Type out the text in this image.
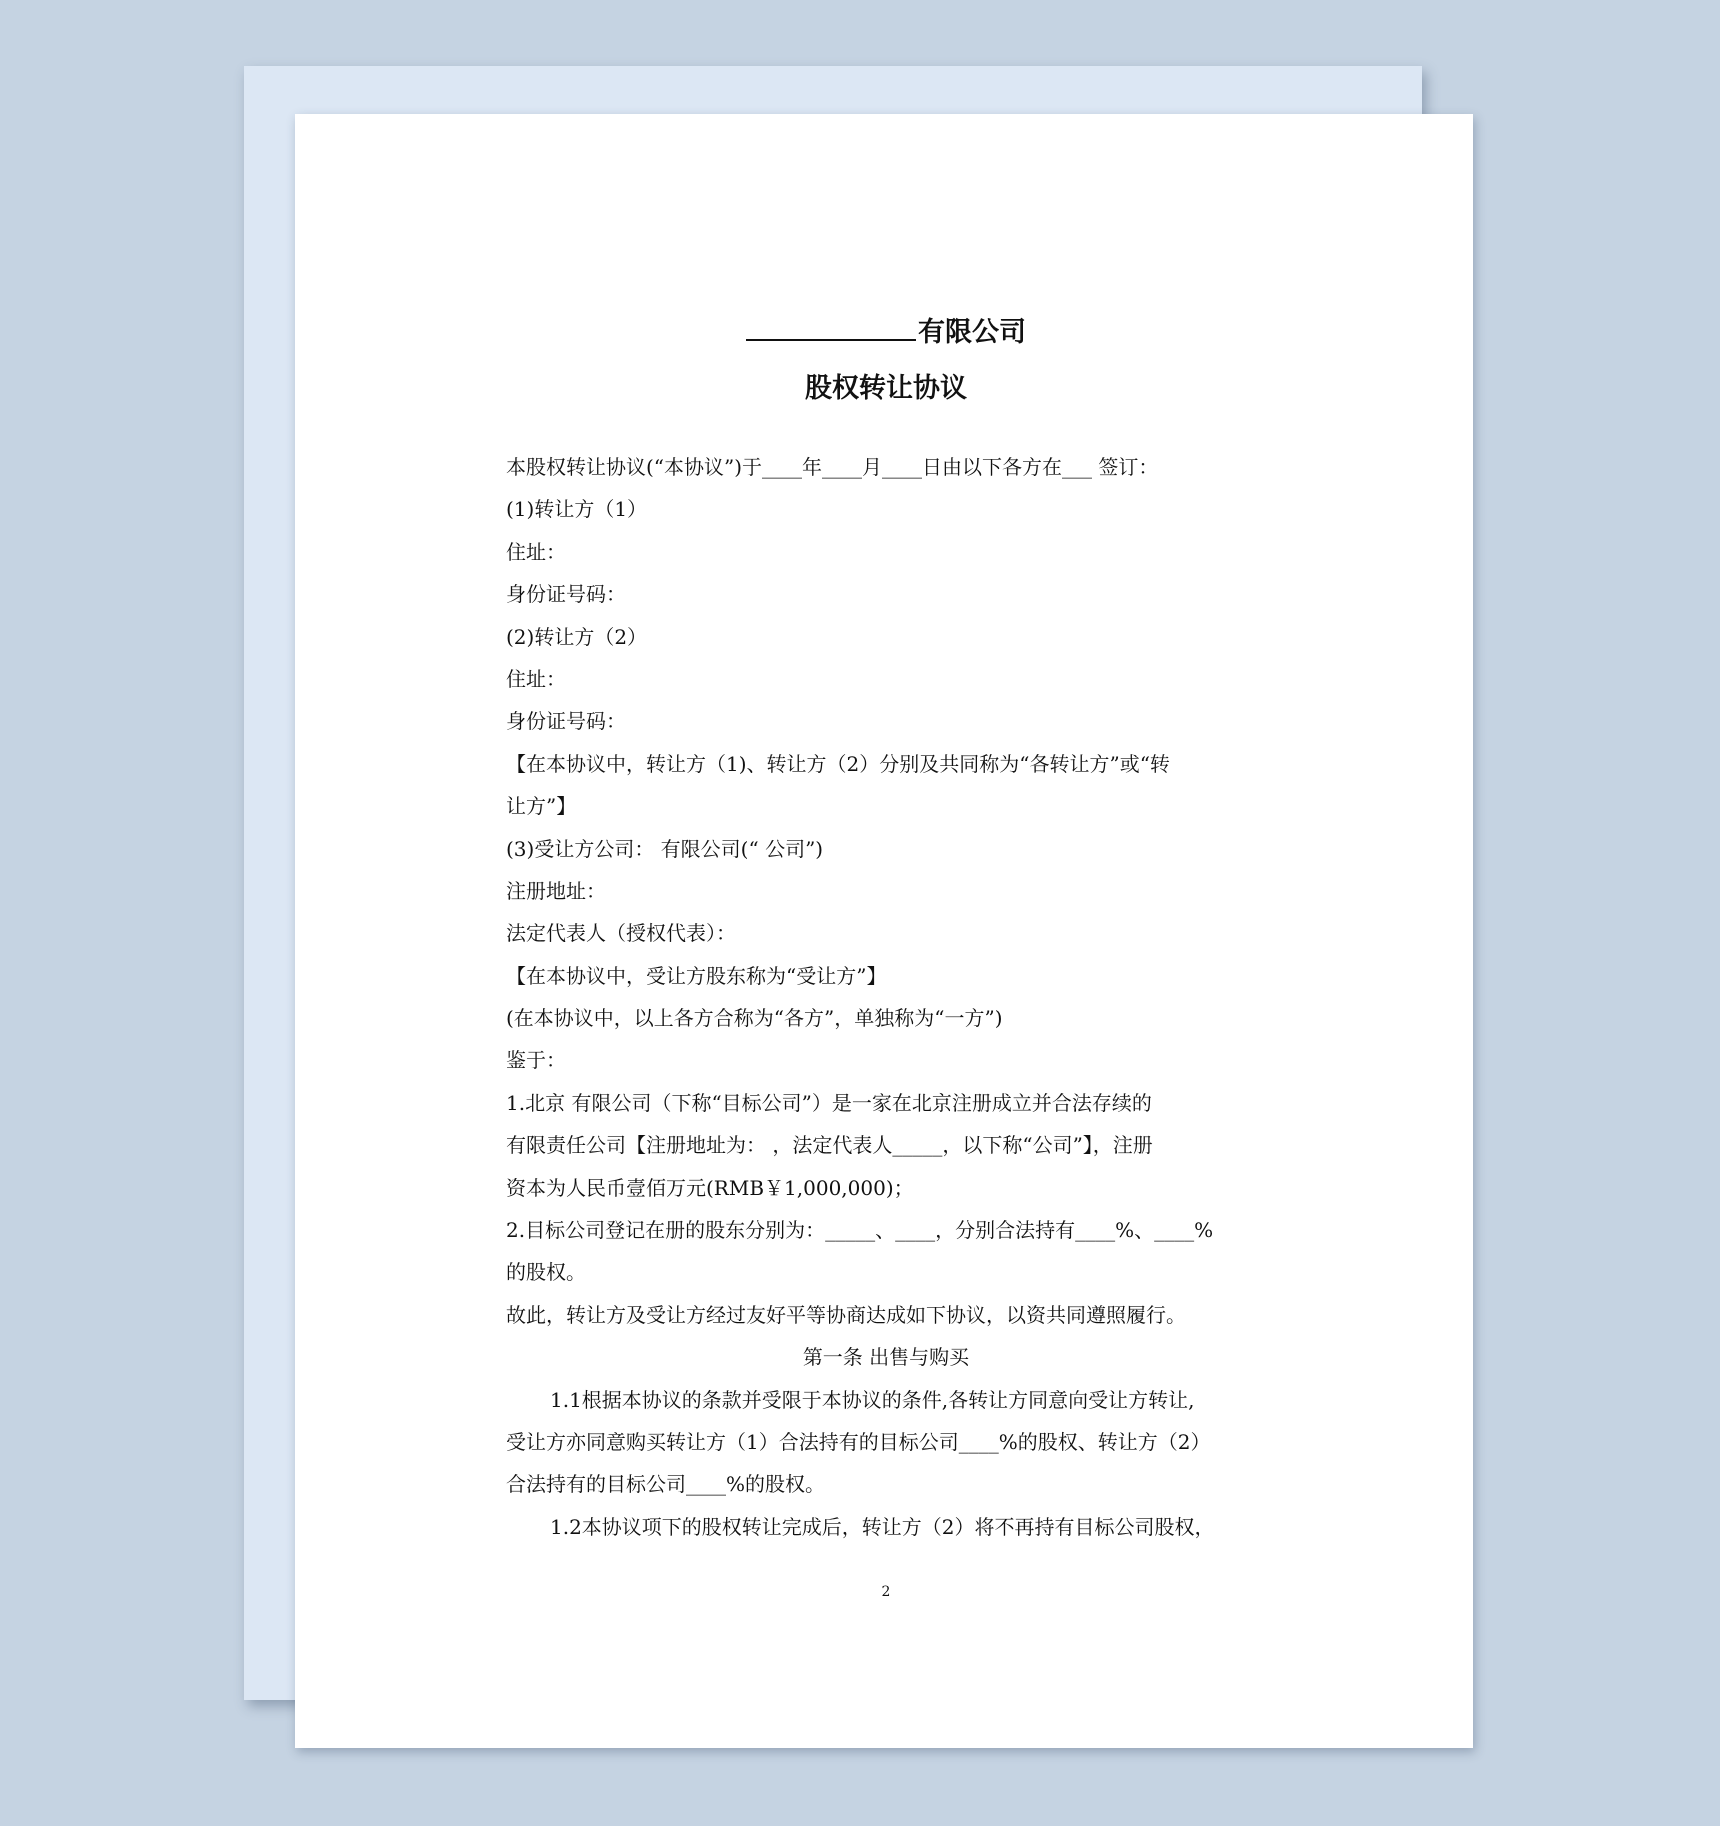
有限公司
股权转让协议
本股权转让协议(“本协议”)于____年____月____日由以下各方在___ 签订：
(1)转让方（1）
住址：
身份证号码：
(2)转让方（2）
住址：
身份证号码：
【在本协议中，转让方（1)、转让方（2）分别及共同称为“各转让方”或“转
让方”】
(3)受让方公司： 有限公司(“ 公司”)
注册地址：
法定代表人（授权代表）：
【在本协议中，受让方股东称为“受让方”】
(在本协议中，以上各方合称为“各方”，单独称为“一方”)
鉴于：
1.北京 有限公司（下称“目标公司”）是一家在北京注册成立并合法存续的
有限责任公司【注册地址为： ，法定代表人_____，以下称“公司”】，注册
资本为人民币壹佰万元(RMB￥1,000,000)；
2.目标公司登记在册的股东分别为：_____、____，分别合法持有____%、____%
的股权。
故此，转让方及受让方经过友好平等协商达成如下协议，以资共同遵照履行。
第一条 出售与购买
1.1根据本协议的条款并受限于本协议的条件,各转让方同意向受让方转让,
受让方亦同意购买转让方（1）合法持有的目标公司____%的股权、转让方（2）
合法持有的目标公司____%的股权。
1.2本协议项下的股权转让完成后，转让方（2）将不再持有目标公司股权，
2
